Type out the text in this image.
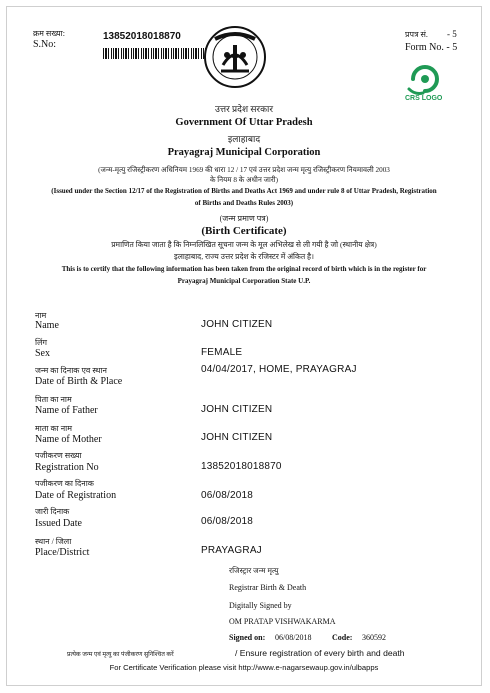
क्रम सख्या:
S.No:
13852018018870	प्रपत्र सं. - 5
Form No. - 5
CRS LOGO
उत्तर प्रदेश सरकार
Government Of Uttar Pradesh
इलाहाबाद
Prayagraj Municipal Corporation
(जन्म-मृत्यु रजिस्ट्रीकरण अधिनियम 1969 की धारा 12 / 17 एवं उत्तर प्रदेश जन्म मृत्यु रजिस्ट्रीकरण नियमावली 2003
के नियम 8 के अधीन जारी)
(Issued under the Section 12/17 of the Registration of Births and Deaths Act 1969 and under rule 8 of Uttar Pradesh, Registration
of Births and Deaths Rules 2003)
(जन्म प्रमाण पत्र)
(Birth Certificate)
प्रमाणित किया जाता है कि निम्नलिखित सूचना जन्म के मूल अभिलेख से ली गयी है जो (स्थानीय क्षेत्र)
इलाहाबाद, राज्य उत्तर प्रदेश के रजिस्टर में अंकित है।
This is to certify that the following information has been taken from the original record of birth which is in the register for
Prayagraj Municipal Corporation State U.P.
नाम
Name	JOHN CITIZEN
लिंग
Sex	FEMALE
जन्म का दिनाक एव स्थान
Date of Birth & Place
04/04/2017, HOME, PRAYAGRAJ
पिता का नाम
Name of Father	JOHN CITIZEN
माता का नाम
Name of Mother	JOHN CITIZEN
पजीकरण सख्या
Registration No	13852018018870
पजीकरण का दिनाक
Date of Registration	06/08/2018
जारी दिनाक
Issued Date	06/08/2018
स्थान / जिला
Place/District	PRAYAGRAJ
रजिस्ट्रार जन्म मृत्यु
Registrar Birth & Death
Digitally Signed by
OM PRATAP VISHWAKARMA
Signed on: 06/08/2018	Code: 360592
प्रत्येक जन्म एवं मृत्यु का पंजीकरण सुनिश्चित करें	/ Ensure registration of every birth and death
For Certificate Verification please visit http://www.e-nagarsewaup.gov.in/ulbapps
